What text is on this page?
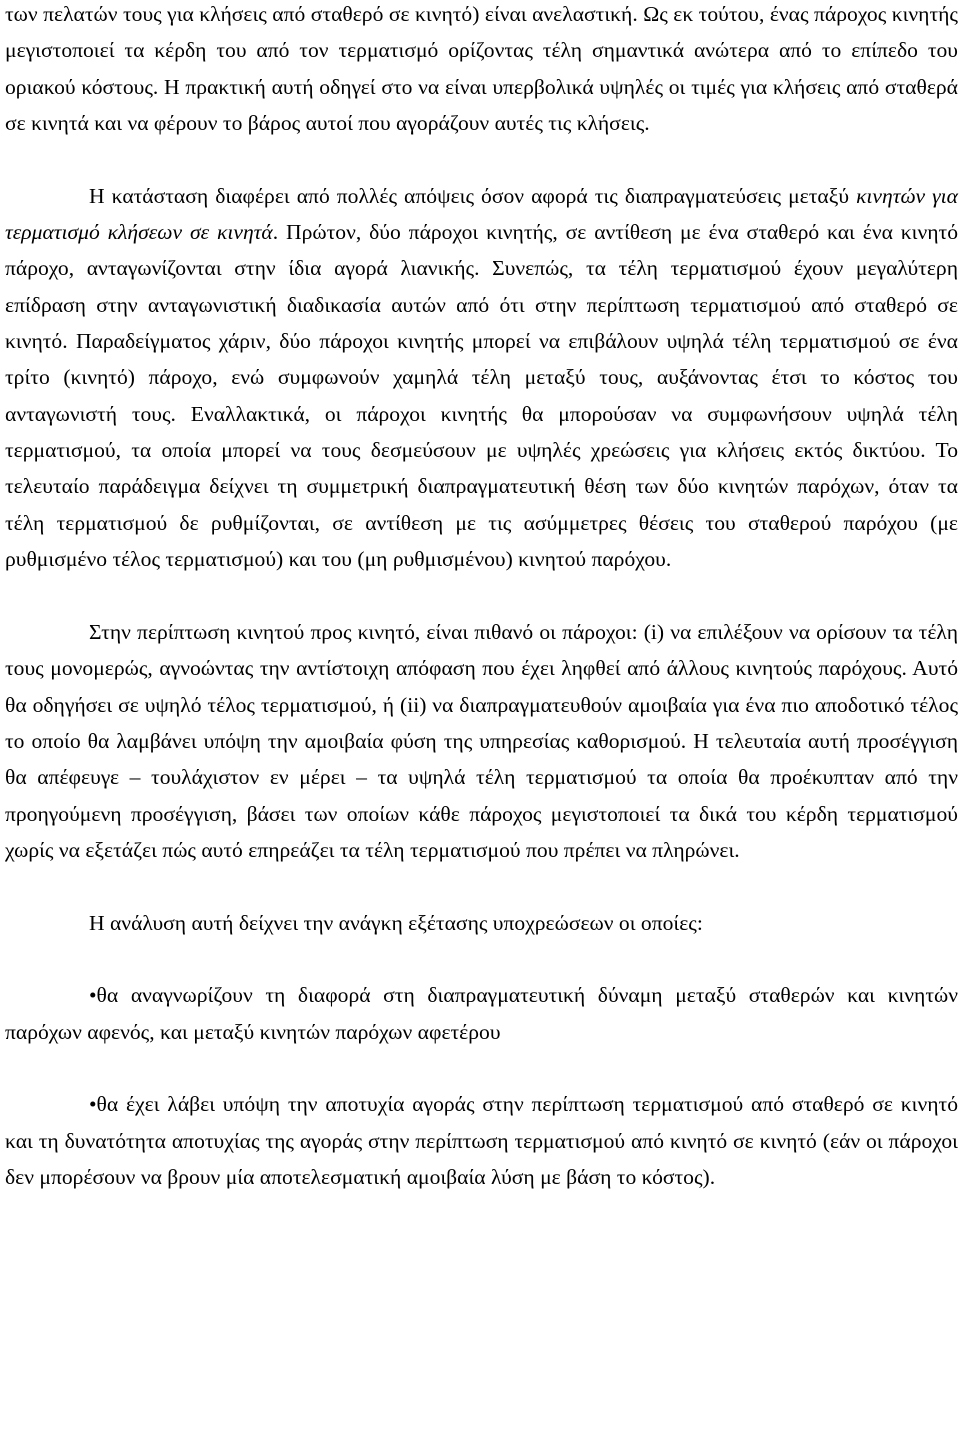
των πελατών τους για κλήσεις από σταθερό σε κινητό) είναι ανελαστική. Ως εκ τούτου, ένας πάροχος κινητής μεγιστοποιεί τα κέρδη του από τον τερματισμό ορίζοντας τέλη σημαντικά ανώτερα από το επίπεδο του οριακού κόστους. Η πρακτική αυτή οδηγεί στο να είναι υπερβολικά υψηλές οι τιμές για κλήσεις από σταθερά σε κινητά και να φέρουν το βάρος αυτοί που αγοράζουν αυτές τις κλήσεις.

Η κατάσταση διαφέρει από πολλές απόψεις όσον αφορά τις διαπραγματεύσεις μεταξύ κινητών για τερματισμό κλήσεων σε κινητά. Πρώτον, δύο πάροχοι κινητής, σε αντίθεση με ένα σταθερό και ένα κινητό πάροχο, ανταγωνίζονται στην ίδια αγορά λιανικής. Συνεπώς, τα τέλη τερματισμού έχουν μεγαλύτερη επίδραση στην ανταγωνιστική διαδικασία αυτών από ότι στην περίπτωση τερματισμού από σταθερό σε κινητό. Παραδείγματος χάριν, δύο πάροχοι κινητής μπορεί να επιβάλουν υψηλά τέλη τερματισμού σε ένα τρίτο (κινητό) πάροχο, ενώ συμφωνούν χαμηλά τέλη μεταξύ τους, αυξάνοντας έτσι το κόστος του ανταγωνιστή τους. Εναλλακτικά, οι πάροχοι κινητής θα μπορούσαν να συμφωνήσουν υψηλά τέλη τερματισμού, τα οποία μπορεί να τους δεσμεύσουν με υψηλές χρεώσεις για κλήσεις εκτός δικτύου. Το τελευταίο παράδειγμα δείχνει τη συμμετρική διαπραγματευτική θέση των δύο κινητών παρόχων, όταν τα τέλη τερματισμού δε ρυθμίζονται, σε αντίθεση με τις ασύμμετρες θέσεις του σταθερού παρόχου (με ρυθμισμένο τέλος τερματισμού) και του (μη ρυθμισμένου) κινητού παρόχου.

Στην περίπτωση κινητού προς κινητό, είναι πιθανό οι πάροχοι: (i) να επιλέξουν να ορίσουν τα τέλη τους μονομερώς, αγνοώντας την αντίστοιχη απόφαση που έχει ληφθεί από άλλους κινητούς παρόχους. Αυτό θα οδηγήσει σε υψηλό τέλος τερματισμού, ή (ii) να διαπραγματευθούν αμοιβαία για ένα πιο αποδοτικό τέλος το οποίο θα λαμβάνει υπόψη την αμοιβαία φύση της υπηρεσίας καθορισμού. Η τελευταία αυτή προσέγγιση θα απέφευγε – τουλάχιστον εν μέρει – τα υψηλά τέλη τερματισμού τα οποία θα προέκυπταν από την προηγούμενη προσέγγιση, βάσει των οποίων κάθε πάροχος μεγιστοποιεί τα δικά του κέρδη τερματισμού χωρίς να εξετάζει πώς αυτό επηρεάζει τα τέλη τερματισμού που πρέπει να πληρώνει.

Η ανάλυση αυτή δείχνει την ανάγκη εξέτασης υποχρεώσεων οι οποίες:

•θα αναγνωρίζουν τη διαφορά στη διαπραγματευτική δύναμη μεταξύ σταθερών και κινητών παρόχων αφενός, και μεταξύ κινητών παρόχων αφετέρου

•θα έχει λάβει υπόψη την αποτυχία αγοράς στην περίπτωση τερματισμού από σταθερό σε κινητό και τη δυνατότητα αποτυχίας της αγοράς στην περίπτωση τερματισμού από κινητό σε κινητό (εάν οι πάροχοι δεν μπορέσουν να βρουν μία αποτελεσματική αμοιβαία λύση με βάση το κόστος).
